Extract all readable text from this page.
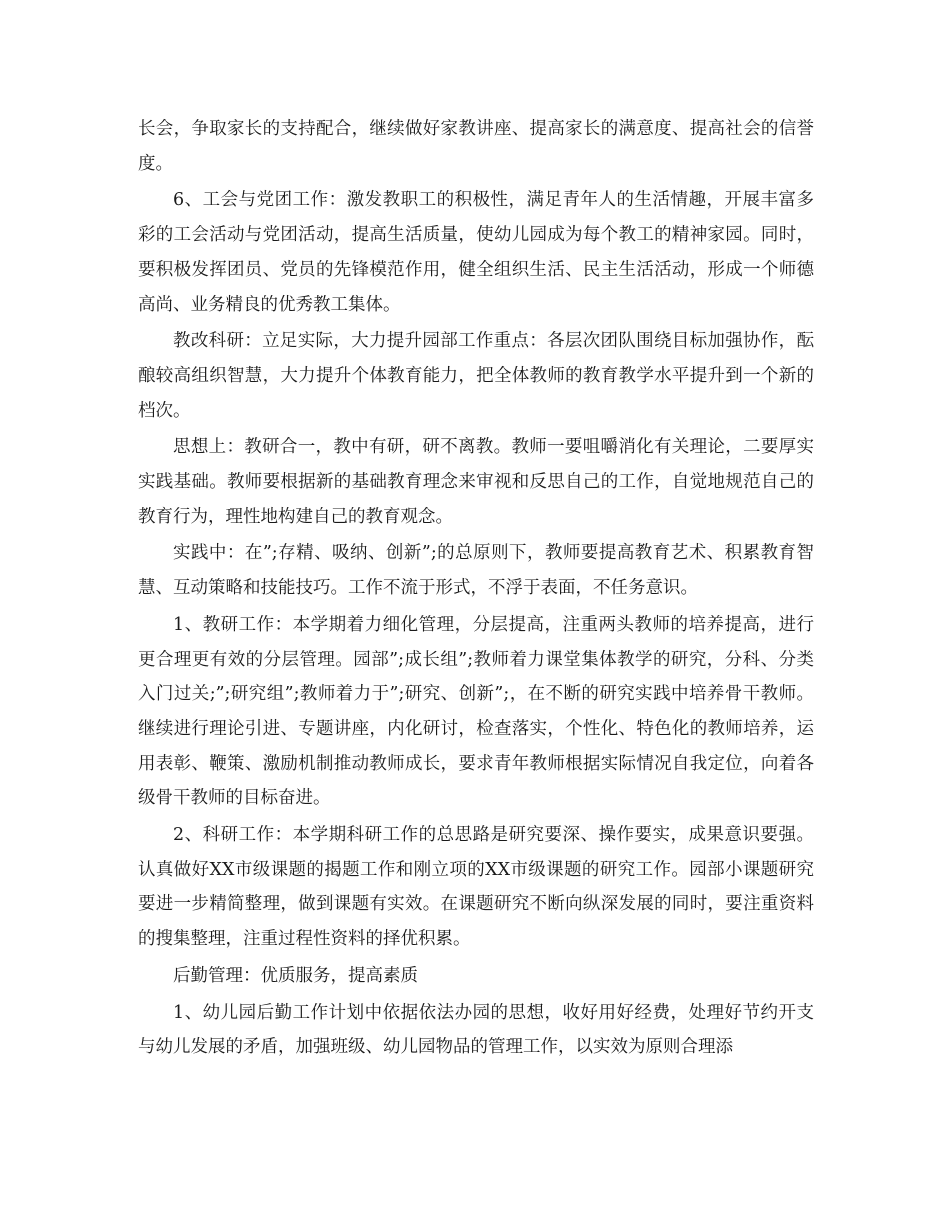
长会，争取家长的支持配合，继续做好家教讲座、提高家长的满意度、提高社会的信誉度。

6、工会与党团工作：激发教职工的积极性，满足青年人的生活情趣，开展丰富多彩的工会活动与党团活动，提高生活质量，使幼儿园成为每个教工的精神家园。同时，要积极发挥团员、党员的先锋模范作用，健全组织生活、民主生活活动，形成一个师德高尚、业务精良的优秀教工集体。

教改科研：立足实际，大力提升园部工作重点：各层次团队围绕目标加强协作，酝酿较高组织智慧，大力提升个体教育能力，把全体教师的教育教学水平提升到一个新的档次。

思想上：教研合一，教中有研，研不离教。教师一要咀嚼消化有关理论，二要厚实实践基础。教师要根据新的基础教育理念来审视和反思自己的工作，自觉地规范自己的教育行为，理性地构建自己的教育观念。

实践中：在”;存精、吸纳、创新”;的总原则下，教师要提高教育艺术、积累教育智慧、互动策略和技能技巧。工作不流于形式，不浮于表面，不任务意识。

1、教研工作：本学期着力细化管理，分层提高，注重两头教师的培养提高，进行更合理更有效的分层管理。园部”;成长组”;教师着力课堂集体教学的研究，分科、分类入门过关;”;研究组”;教师着力于”;研究、创新”;，在不断的研究实践中培养骨干教师。继续进行理论引进、专题讲座，内化研讨，检查落实，个性化、特色化的教师培养，运用表彰、鞭策、激励机制推动教师成长，要求青年教师根据实际情况自我定位，向着各级骨干教师的目标奋进。

2、科研工作：本学期科研工作的总思路是研究要深、操作要实，成果意识要强。认真做好XX市级课题的揭题工作和刚立项的XX市级课题的研究工作。园部小课题研究要进一步精简整理，做到课题有实效。在课题研究不断向纵深发展的同时，要注重资料的搜集整理，注重过程性资料的择优积累。

后勤管理：优质服务，提高素质

1、幼儿园后勤工作计划中依据依法办园的思想，收好用好经费，处理好节约开支与幼儿发展的矛盾，加强班级、幼儿园物品的管理工作，以实效为原则合理添
